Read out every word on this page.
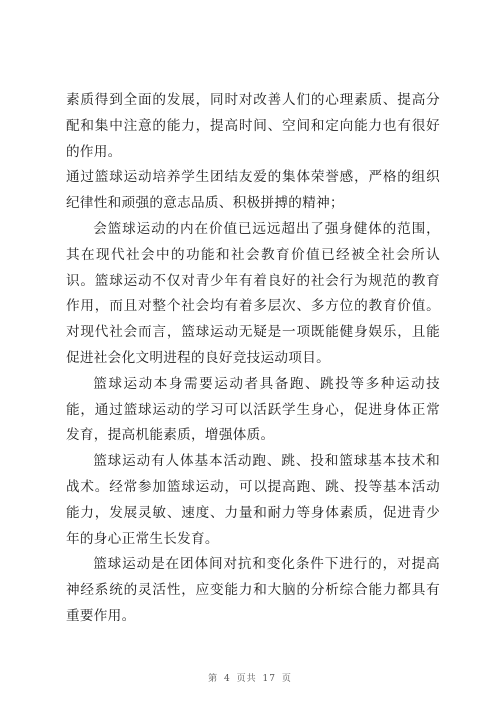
素质得到全面的发展，同时对改善人们的心理素质、提高分配和集中注意的能力，提高时间、空间和定向能力也有很好的作用。

通过篮球运动培养学生团结友爱的集体荣誉感，严格的组织纪律性和顽强的意志品质、积极拼搏的精神；

会篮球运动的内在价值已远远超出了强身健体的范围，其在现代社会中的功能和社会教育价值已经被全社会所认识。篮球运动不仅对青少年有着良好的社会行为规范的教育作用，而且对整个社会均有着多层次、多方位的教育价值。对现代社会而言，篮球运动无疑是一项既能健身娱乐，且能促进社会化文明进程的良好竞技运动项目。

篮球运动本身需要运动者具备跑、跳投等多种运动技能，通过篮球运动的学习可以活跃学生身心，促进身体正常发育，提高机能素质，增强体质。

篮球运动有人体基本活动跑、跳、投和篮球基本技术和战术。经常参加篮球运动，可以提高跑、跳、投等基本活动能力，发展灵敏、速度、力量和耐力等身体素质，促进青少年的身心正常生长发育。

篮球运动是在团体间对抗和变化条件下进行的，对提高神经系统的灵活性，应变能力和大脑的分析综合能力都具有重要作用。

第 4 页共 17 页
